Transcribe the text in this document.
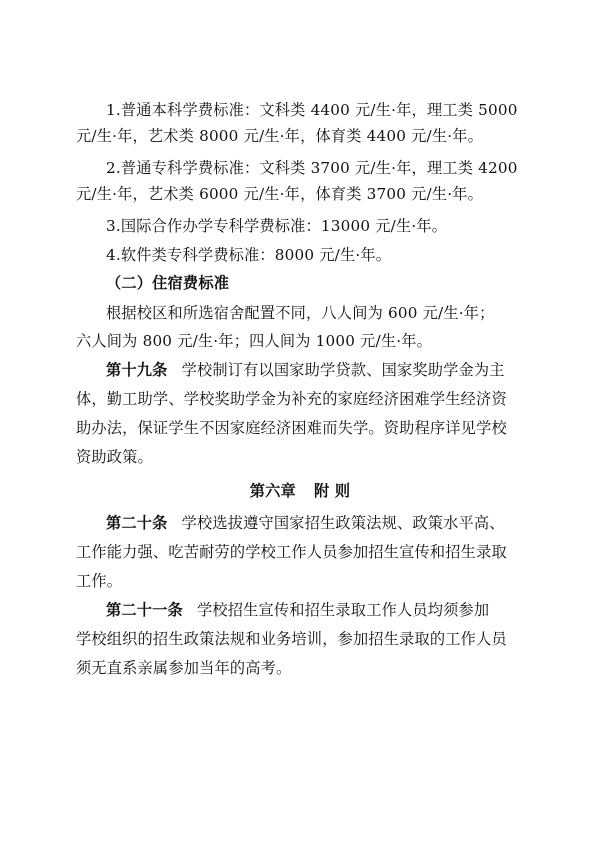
1.普通本科学费标准：文科类 4400 元/生·年，理工类 5000
元/生·年，艺术类 8000 元/生·年，体育类 4400 元/生·年。
2.普通专科学费标准：文科类 3700 元/生·年，理工类 4200
元/生·年，艺术类 6000 元/生·年，体育类 3700 元/生·年。
3.国际合作办学专科学费标准：13000 元/生·年。
4.软件类专科学费标准：8000 元/生·年。
（二）住宿费标准
根据校区和所选宿舍配置不同，八人间为 600 元/生·年；
六人间为 800 元/生·年；四人间为 1000 元/生·年。
第十九条 学校制订有以国家助学贷款、国家奖助学金为主
体，勤工助学、学校奖助学金为补充的家庭经济困难学生经济资
助办法，保证学生不因家庭经济困难而失学。资助程序详见学校
资助政策。
第六章 附 则
第二十条 学校选拔遵守国家招生政策法规、政策水平高、
工作能力强、吃苦耐劳的学校工作人员参加招生宣传和招生录取
工作。
第二十一条 学校招生宣传和招生录取工作人员均须参加
学校组织的招生政策法规和业务培训，参加招生录取的工作人员
须无直系亲属参加当年的高考。
